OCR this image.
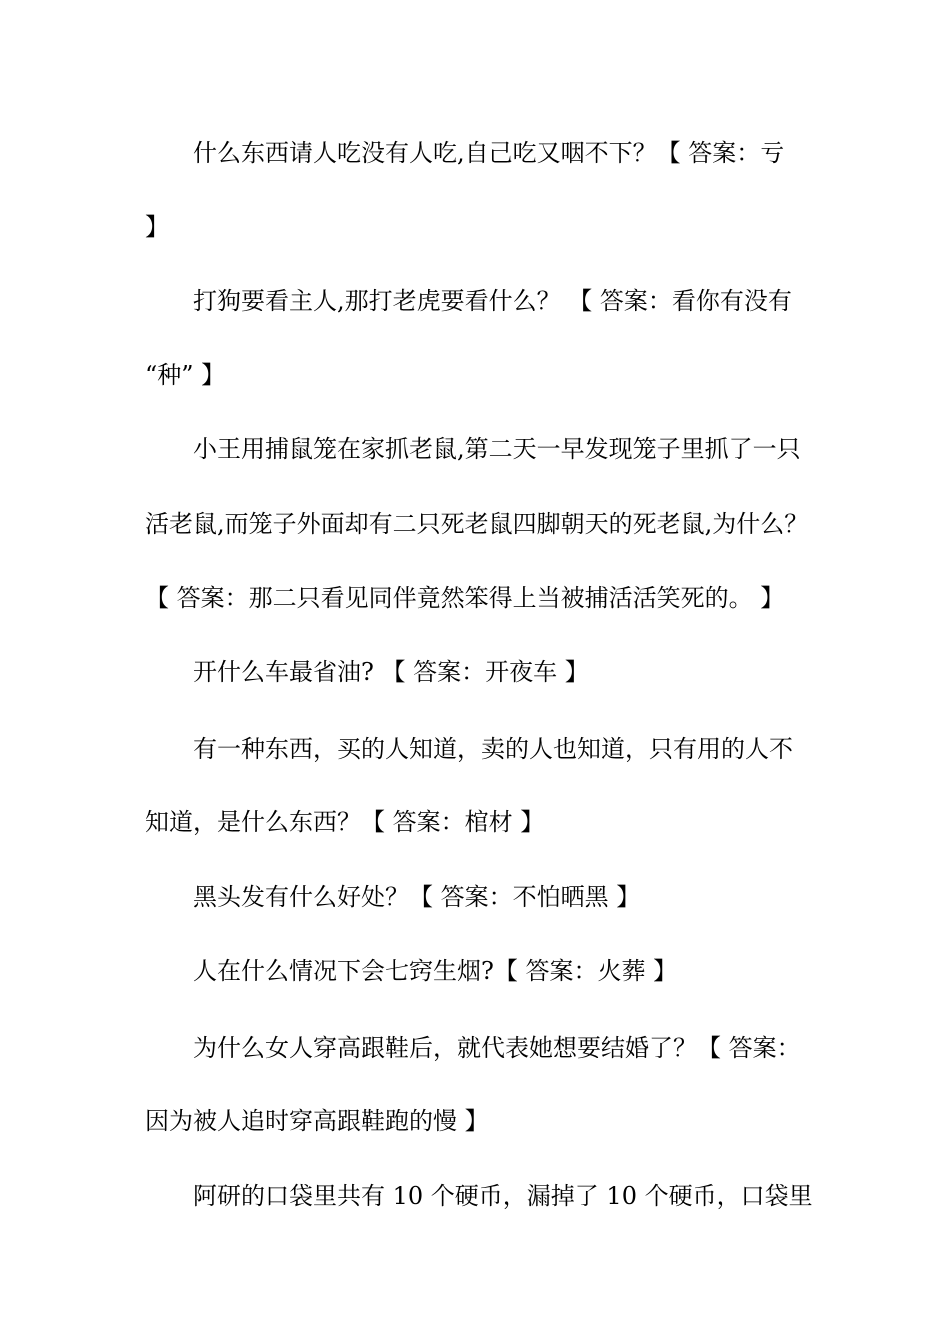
什么东西请人吃没有人吃,自己吃又咽不下？【 答案：亏
】
打狗要看主人,那打老虎要看什么？ 【 答案：看你有没有
“种” 】
小王用捕鼠笼在家抓老鼠,第二天一早发现笼子里抓了一只
活老鼠,而笼子外面却有二只死老鼠四脚朝天的死老鼠,为什么？
【 答案：那二只看见同伴竟然笨得上当被捕活活笑死的。 】
开什么车最省油? 【 答案：开夜车 】
有一种东西，买的人知道，卖的人也知道，只有用的人不
知道，是什么东西？【 答案：棺材 】
黑头发有什么好处？【 答案：不怕晒黑 】
人在什么情况下会七窍生烟?【 答案：火葬 】
为什么女人穿高跟鞋后，就代表她想要结婚了？【 答案：
因为被人追时穿高跟鞋跑的慢 】
阿研的口袋里共有 10 个硬币，漏掉了 10 个硬币，口袋里
